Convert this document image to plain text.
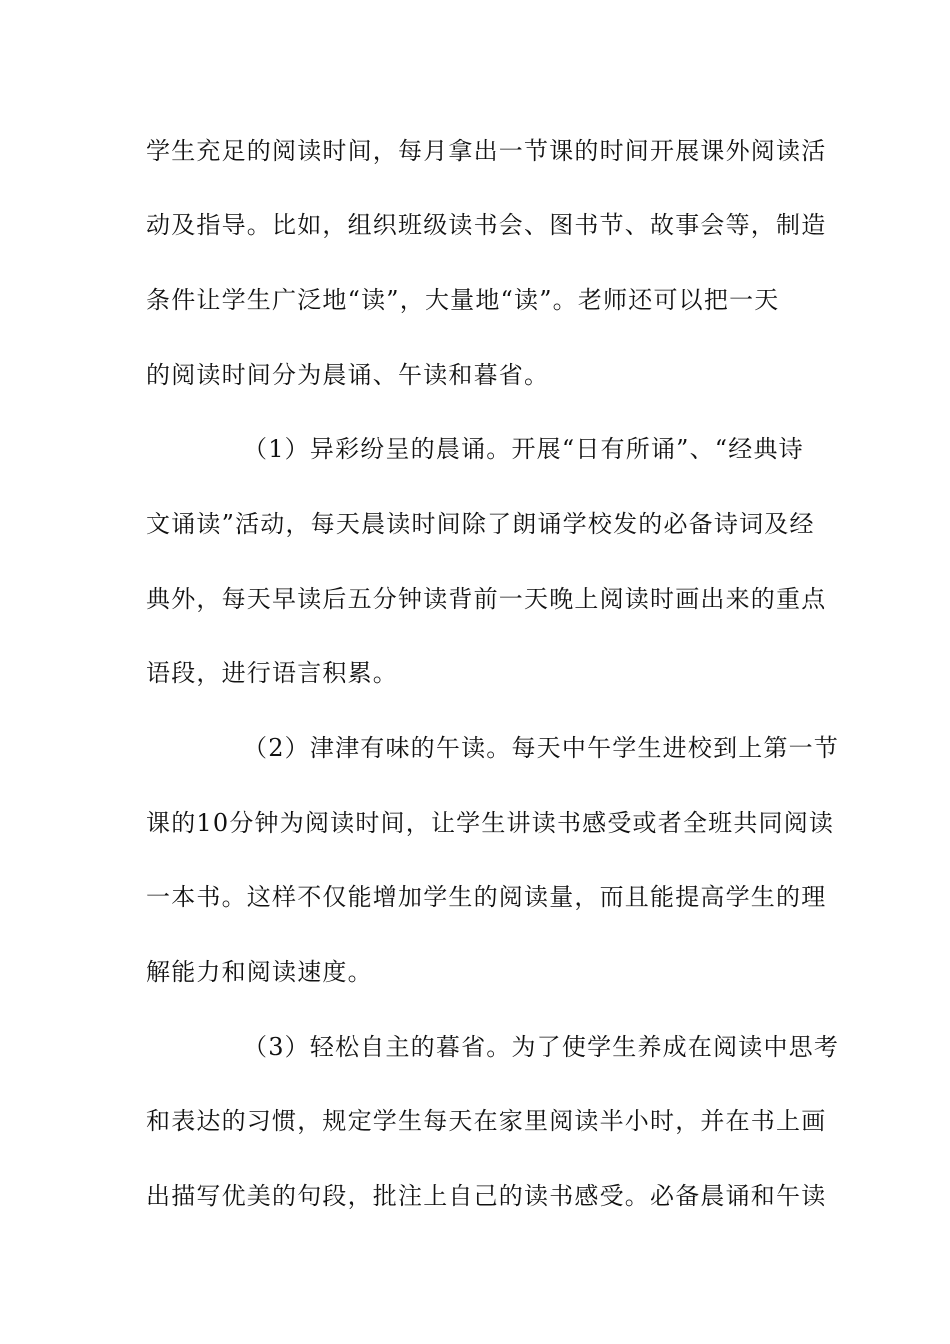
学生充足的阅读时间，每月拿出一节课的时间开展课外阅读活
动及指导。比如，组织班级读书会、图书节、故事会等，制造
条件让学生广泛地“读”，大量地“读”。老师还可以把一天
的阅读时间分为晨诵、午读和暮省。
（1）异彩纷呈的晨诵。开展“日有所诵”、“经典诗
文诵读”活动，每天晨读时间除了朗诵学校发的必备诗词及经
典外，每天早读后五分钟读背前一天晚上阅读时画出来的重点
语段，进行语言积累。
（2）津津有味的午读。每天中午学生进校到上第一节
课的10分钟为阅读时间，让学生讲读书感受或者全班共同阅读
一本书。这样不仅能增加学生的阅读量，而且能提高学生的理
解能力和阅读速度。
（3）轻松自主的暮省。为了使学生养成在阅读中思考
和表达的习惯，规定学生每天在家里阅读半小时，并在书上画
出描写优美的句段，批注上自己的读书感受。必备晨诵和午读
